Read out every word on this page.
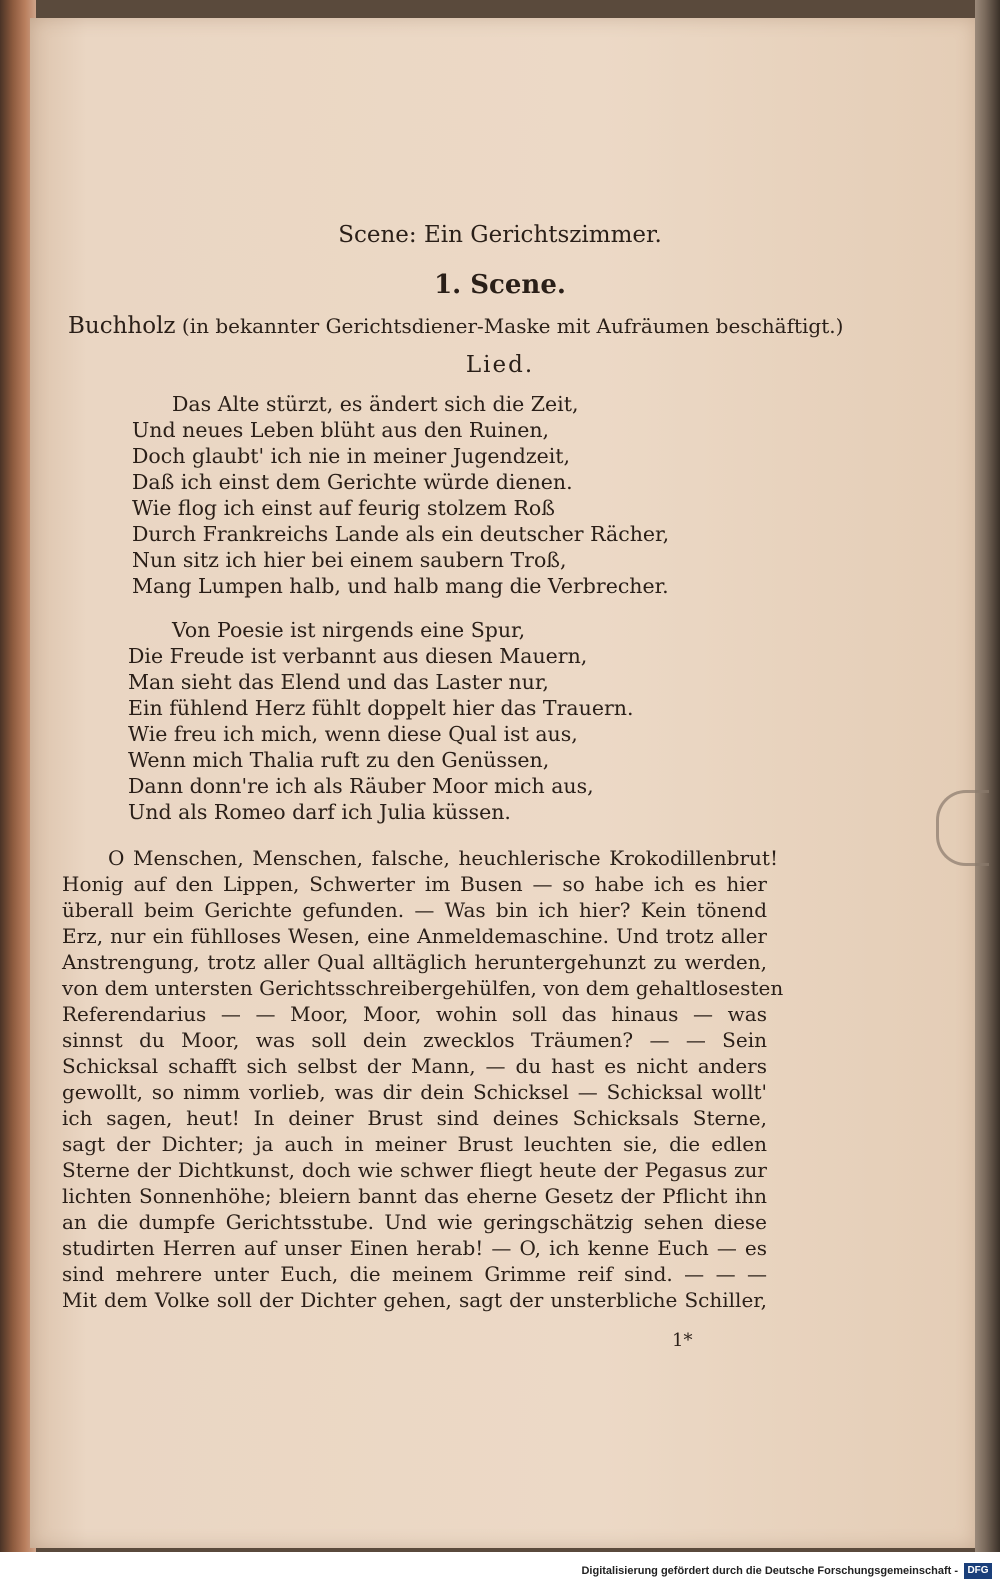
Scene: Ein Gerichtszimmer.
1. Scene.
Buchholz (in bekannter Gerichtsdiener-Maske mit Aufräumen beschäftigt.)
Lied.
Das Alte stürzt, es ändert sich die Zeit,
Und neues Leben blüht aus den Ruinen,
Doch glaubt' ich nie in meiner Jugendzeit,
Daß ich einst dem Gerichte würde dienen.
Wie flog ich einst auf feurig stolzem Roß
Durch Frankreichs Lande als ein deutscher Rächer,
Nun sitz ich hier bei einem saubern Troß,
Mang Lumpen halb, und halb mang die Verbrecher.
Von Poesie ist nirgends eine Spur,
Die Freude ist verbannt aus diesen Mauern,
Man sieht das Elend und das Laster nur,
Ein fühlend Herz fühlt doppelt hier das Trauern.
Wie freu ich mich, wenn diese Qual ist aus,
Wenn mich Thalia ruft zu den Genüssen,
Dann donn're ich als Räuber Moor mich aus,
Und als Romeo darf ich Julia küssen.
O Menschen, Menschen, falsche, heuchlerische Krokodillenbrut!
Honig auf den Lippen, Schwerter im Busen — so habe ich es hier
überall beim Gerichte gefunden. — Was bin ich hier? Kein tönend
Erz, nur ein fühlloses Wesen, eine Anmeldemaschine. Und trotz aller
Anstrengung, trotz aller Qual alltäglich heruntergehunzt zu werden,
von dem untersten Gerichtsschreibergehülfen, von dem gehaltlosesten
Referendarius — — Moor, Moor, wohin soll das hinaus — was
sinnst du Moor, was soll dein zwecklos Träumen? — — Sein
Schicksal schafft sich selbst der Mann, — du hast es nicht anders
gewollt, so nimm vorlieb, was dir dein Schicksel — Schicksal wollt'
ich sagen, heut! In deiner Brust sind deines Schicksals Sterne,
sagt der Dichter; ja auch in meiner Brust leuchten sie, die edlen
Sterne der Dichtkunst, doch wie schwer fliegt heute der Pegasus zur
lichten Sonnenhöhe; bleiern bannt das eherne Gesetz der Pflicht ihn
an die dumpfe Gerichtsstube. Und wie geringschätzig sehen diese
studirten Herren auf unser Einen herab! — O, ich kenne Euch — es
sind mehrere unter Euch, die meinem Grimme reif sind. — — —
Mit dem Volke soll der Dichter gehen, sagt der unsterbliche Schiller,
1*
Digitalisierung gefördert durch die Deutsche Forschungsgemeinschaft - DFG
